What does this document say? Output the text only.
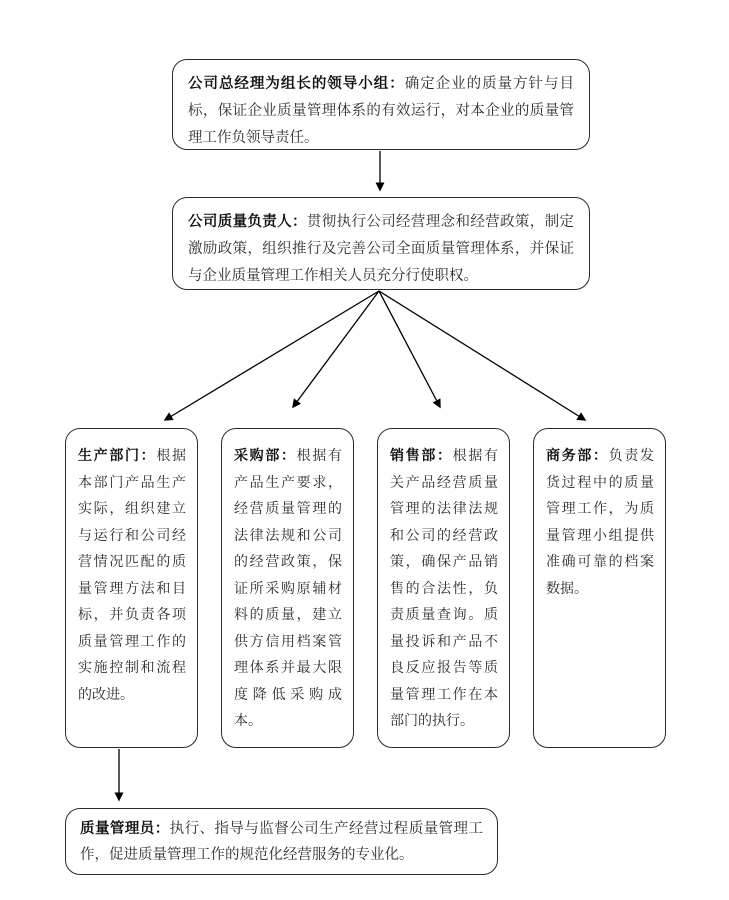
公司总经理为组长的领导小组：确定企业的质量方针与目标，保证企业质量管理体系的有效运行，对本企业的质量管理工作负领导责任。

公司质量负责人：贯彻执行公司经营理念和经营政策，制定激励政策，组织推行及完善公司全面质量管理体系，并保证与企业质量管理工作相关人员充分行使职权。

生产部门：根据本部门产品生产实际，组织建立与运行和公司经营情况匹配的质量管理方法和目标，并负责各项质量管理工作的实施控制和流程的改进。

采购部：根据有产品生产要求，经营质量管理的法律法规和公司的经营政策，保证所采购原辅材料的质量，建立供方信用档案管理体系并最大限度降低采购成本。

销售部：根据有关产品经营质量管理的法律法规和公司的经营政策，确保产品销售的合法性，负责质量查询。质量投诉和产品不良反应报告等质量管理工作在本部门的执行。

商务部：负责发货过程中的质量管理工作，为质量管理小组提供准确可靠的档案数据。

质量管理员：执行、指导与监督公司生产经营过程质量管理工作，促进质量管理工作的规范化经营服务的专业化。
